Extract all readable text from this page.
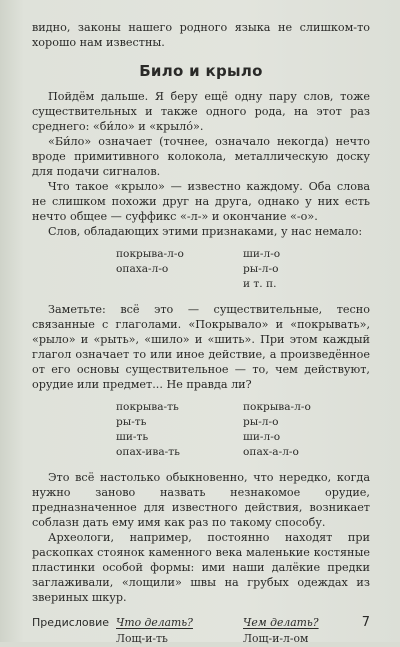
видно, законы нашего родного языка не слишком-то хорошо нам известны.

Било и крыло

Пойдём дальше. Я беру ещё одну пару слов, тоже существительных и также одного рода, на этот раз среднего: «би́ло» и «крыло́».

«Би́ло» означает (точнее, означало некогда) нечто вроде примитивного колокола, металлическую доску для подачи сигналов.

Что такое «крыло» — известно каждому. Оба слова не слишком похожи друг на друга, однако у них есть нечто общее — суффикс «-л-» и окончание «-о».

Слов, обладающих этими признаками, у нас немало:

покрыва-л-о
опаха-л-о
ши-л-о
ры-л-о
и т. п.

Заметьте: всё это — существительные, тесно связанные с глаголами. «Покрывало» и «покрывать», «рыло» и «рыть», «шило» и «шить». При этом каждый глагол означает то или иное действие, а произведённое от его основы существительное — то, чем действуют, орудие или предмет... Не правда ли?

покрыва-ть
ры-ть
ши-ть
опах-ива-ть
покрыва-л-о
ры-л-о
ши-л-о
опах-а-л-о

Это всё настолько обыкновенно, что нередко, когда нужно заново назвать незнакомое орудие, предназначенное для известного действия, возникает соблазн дать ему имя как раз по такому способу.

Археологи, например, постоянно находят при раскопках стоянок каменного века маленькие костяные пластинки особой формы: ими наши далёкие предки заглаживали, «лощили» швы на грубых одеждах из звериных шкур.

Что делать?
Лощ-и-ть
Чем делать?
Лощ-и-л-ом
Предисловие	7
